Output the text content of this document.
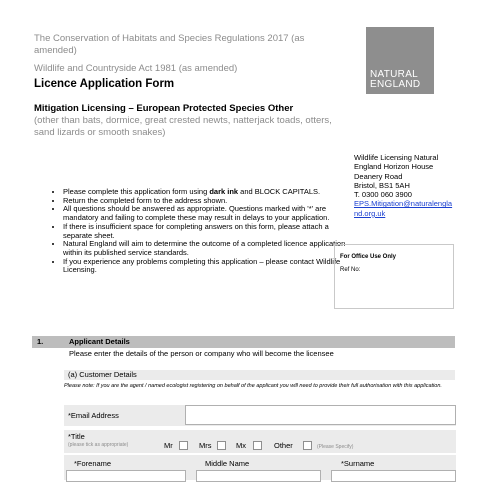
The Conservation of Habitats and Species Regulations 2017 (as amended)
Wildlife and Countryside Act 1981 (as amended)
Licence Application Form
NATURAL
ENGLAND
Mitigation Licensing – European Protected Species Other
(other than bats, dormice, great crested newts, natterjack toads, otters, sand lizards or smooth snakes)
Wildlife Licensing Natural England Horizon House
Deanery Road
Bristol, BS1 5AH
T. 0300 060 3900
EPS.Mitigation@naturalengland.org.uk
• Please complete this application form using dark ink and BLOCK CAPITALS.
• Return the completed form to the address shown.
• All questions should be answered as appropriate. Questions marked with '*' are mandatory and failing to complete these may result in delays to your application.
• If there is insufficient space for completing answers on this form, please attach a separate sheet.
• Natural England will aim to determine the outcome of a completed licence application within its published service standards.
• If you experience any problems completing this application – please contact Wildlife Licensing.
For Office Use Only
Ref No:
1.	Applicant Details
Please enter the details of the person or company who will become the licensee
(a) Customer Details
Please note: If you are the agent / named ecologist registering on behalf of the applicant you will need to provide their full authorisation with this application.
*Email Address
*Title
(please tick as appropriate)	Mr	Mrs	Mx	Other	(Please Specify)
*Forename	Middle Name	*Surname
